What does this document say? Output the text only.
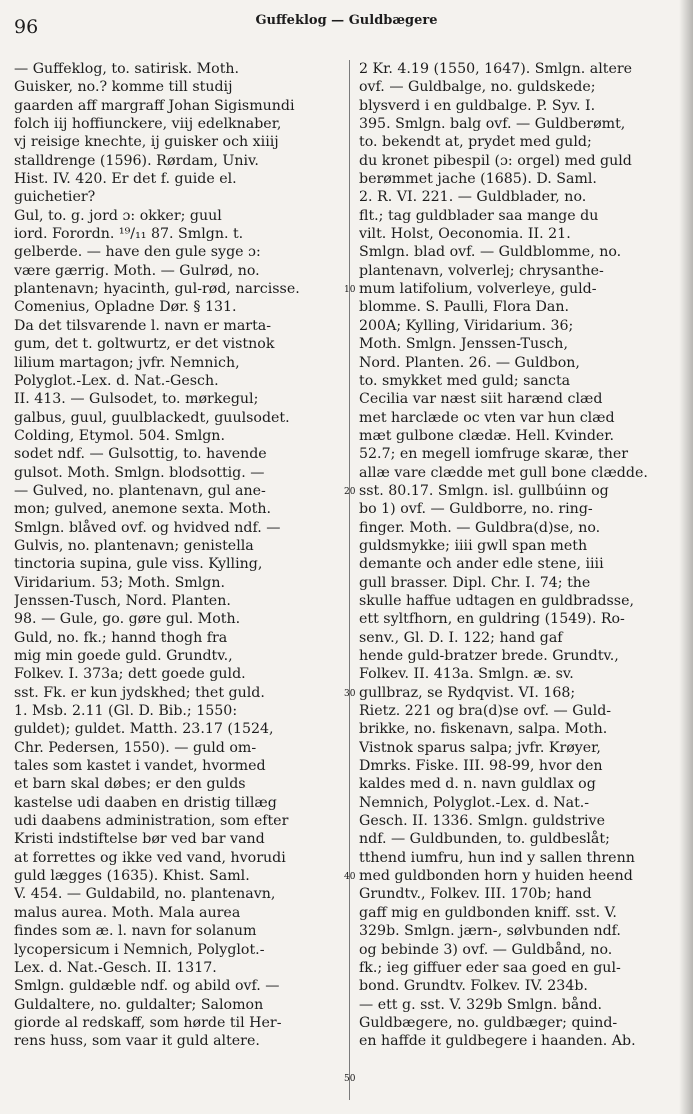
96	Guffeklog — Guldbægere
— Guffeklog, to. satirisk. Moth.
Guisker, no.? komme till studij
gaarden aff margraff Johan Sigismundi
folch iij hoffiunckere, viij edelknaber,
vj reisige knechte, ij guisker och xiiij
stalldrenge (1596). Rørdam, Univ.
Hist. IV. 420. Er det f. guide el.
guichetier?
Gul, to. g. jord ɔ: okker; guul
iord. Forordn. ¹⁹/₁₁ 87. Smlgn. t.
gelberde. — have den gule syge ɔ:
være gærrig. Moth. — Gulrød, no.
plantenavn; hyacinth, gul-rød, narcisse.
Comenius, Opladne Dør. § 131.
Da det tilsvarende l. navn er marta-
gum, det t. goltwurtz, er det vistnok
lilium martagon; jvfr. Nemnich,
Polyglot.-Lex. d. Nat.-Gesch.
II. 413. — Gulsodet, to. mørkegul;
galbus, guul, guulblackedt, guulsodet.
Colding, Etymol. 504. Smlgn.
sodet ndf. — Gulsottig, to. havende
gulsot. Moth. Smlgn. blodsottig. —
— Gulved, no. plantenavn, gul ane-
mon; gulved, anemone sexta. Moth.
Smlgn. blåved ovf. og hvidved ndf. —
Gulvis, no. plantenavn; genistella
tinctoria supina, gule viss. Kylling,
Viridarium. 53; Moth. Smlgn.
Jenssen-Tusch, Nord. Planten.
98. — Gule, go. gøre gul. Moth.
Guld, no. fk.; hannd thogh fra
mig min goede guld. Grundtv.,
Folkev. I. 373a; dett goede guld.
sst. Fk. er kun jydskhed; thet guld.
1. Msb. 2.11 (Gl. D. Bib.; 1550:
guldet); guldet. Matth. 23.17 (1524,
Chr. Pedersen, 1550). — guld om-
tales som kastet i vandet, hvormed
et barn skal døbes; er den gulds
kastelse udi daaben en dristig tillæg
udi daabens administration, som efter
Kristi indstiftelse bør ved bar vand
at forrettes og ikke ved vand, hvorudi
guld lægges (1635). Khist. Saml.
V. 454. — Guldabild, no. plantenavn,
malus aurea. Moth. Mala aurea
findes som æ. l. navn for solanum
lycopersicum i Nemnich, Polyglot.-
Lex. d. Nat.-Gesch. II. 1317.
Smlgn. guldæble ndf. og abild ovf. —
Guldaltere, no. guldalter; Salomon
giorde al redskaff, som hørde til Her-
rens huss, som vaar it guld altere.
10
20
30
40
50
2 Kr. 4.19 (1550, 1647). Smlgn. altere
ovf. — Guldbalge, no. guldskede;
blysverd i en guldbalge. P. Syv. I.
395. Smlgn. balg ovf. — Guldberømt,
to. bekendt at, prydet med guld;
du kronet pibespil (ɔ: orgel) med guld
berømmet jache (1685). D. Saml.
2. R. VI. 221. — Guldblader, no.
flt.; tag guldblader saa mange du
vilt. Holst, Oeconomia. II. 21.
Smlgn. blad ovf. — Guldblomme, no.
plantenavn, volverlej; chrysanthe-
mum latifolium, volverleye, guld-
blomme. S. Paulli, Flora Dan.
200A; Kylling, Viridarium. 36;
Moth. Smlgn. Jenssen-Tusch,
Nord. Planten. 26. — Guldbon,
to. smykket med guld; sancta
Cecilia var næst siit harænd clæd
met harclæde oc vten var hun clæd
mæt gulbone clædæ. Hell. Kvinder.
52.7; en megell iomfruge skaræ, ther
allæ vare clædde met gull bone clædde.
sst. 80.17. Smlgn. isl. gullbúinn og
bo 1) ovf. — Guldborre, no. ring-
finger. Moth. — Guldbra(d)se, no.
guldsmykke; iiii gwll span meth
demante och ander edle stene, iiii
gull brasser. Dipl. Chr. I. 74; the
skulle haffue udtagen en guldbradsse,
ett syltfhorn, en guldring (1549). Ro-
senv., Gl. D. I. 122; hand gaf
hende guld-bratzer brede. Grundtv.,
Folkev. II. 413a. Smlgn. æ. sv.
gullbraz, se Rydqvist. VI. 168;
Rietz. 221 og bra(d)se ovf. — Guld-
brikke, no. fiskenavn, salpa. Moth.
Vistnok sparus salpa; jvfr. Krøyer,
Dmrks. Fiske. III. 98-99, hvor den
kaldes med d. n. navn guldlax og
Nemnich, Polyglot.-Lex. d. Nat.-
Gesch. II. 1336. Smlgn. guldstrive
ndf. — Guldbunden, to. guldbeslåt;
tthend iumfru, hun ind y sallen threnn
med guldbonden horn y huiden heend
Grundtv., Folkev. III. 170b; hand
gaff mig en guldbonden kniff. sst. V.
329b. Smlgn. jærn-, sølvbunden ndf.
og bebinde 3) ovf. — Guldbånd, no.
fk.; ieg giffuer eder saa goed en gul-
bond. Grundtv. Folkev. IV. 234b.
— ett g. sst. V. 329b Smlgn. bånd.
Guldbægere, no. guldbæger; quind-
en haffde it guldbegere i haanden. Ab.
